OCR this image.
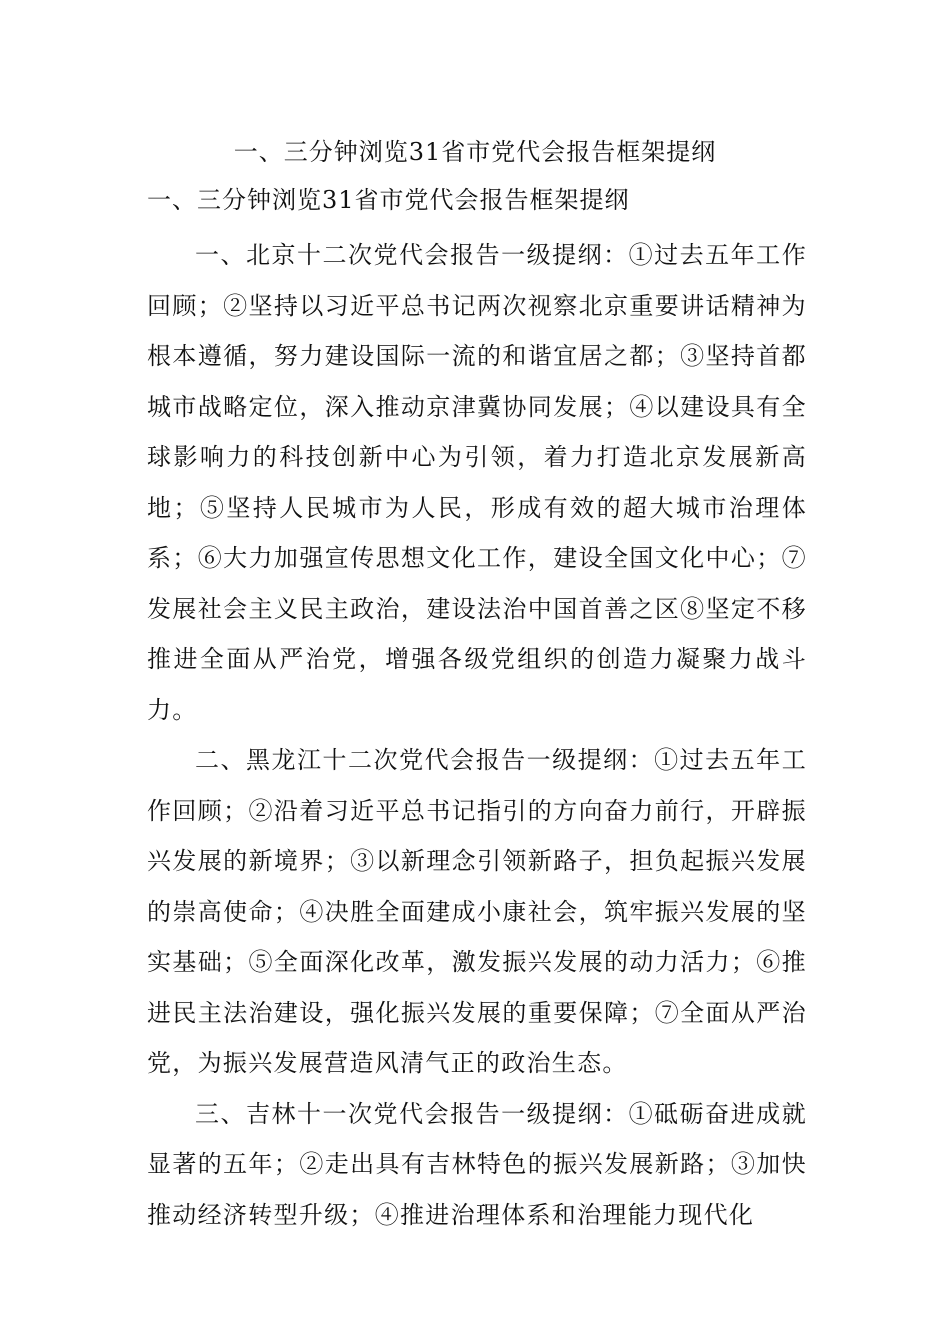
一、三分钟浏览31省市党代会报告框架提纲
一、三分钟浏览31省市党代会报告框架提纲

一、北京十二次党代会报告一级提纲：①过去五年工作回顾；②坚持以习近平总书记两次视察北京重要讲话精神为根本遵循，努力建设国际一流的和谐宜居之都；③坚持首都城市战略定位，深入推动京津冀协同发展；④以建设具有全球影响力的科技创新中心为引领，着力打造北京发展新高地；⑤坚持人民城市为人民，形成有效的超大城市治理体系；⑥大力加强宣传思想文化工作，建设全国文化中心；⑦发展社会主义民主政治，建设法治中国首善之区⑧坚定不移推进全面从严治党，增强各级党组织的创造力凝聚力战斗力。

二、黑龙江十二次党代会报告一级提纲：①过去五年工作回顾；②沿着习近平总书记指引的方向奋力前行，开辟振兴发展的新境界；③以新理念引领新路子，担负起振兴发展的崇高使命；④决胜全面建成小康社会，筑牢振兴发展的坚实基础；⑤全面深化改革，激发振兴发展的动力活力；⑥推进民主法治建设，强化振兴发展的重要保障；⑦全面从严治党，为振兴发展营造风清气正的政治生态。

三、吉林十一次党代会报告一级提纲：①砥砺奋进成就显著的五年；②走出具有吉林特色的振兴发展新路；③加快推动经济转型升级；④推进治理体系和治理能力现代化
